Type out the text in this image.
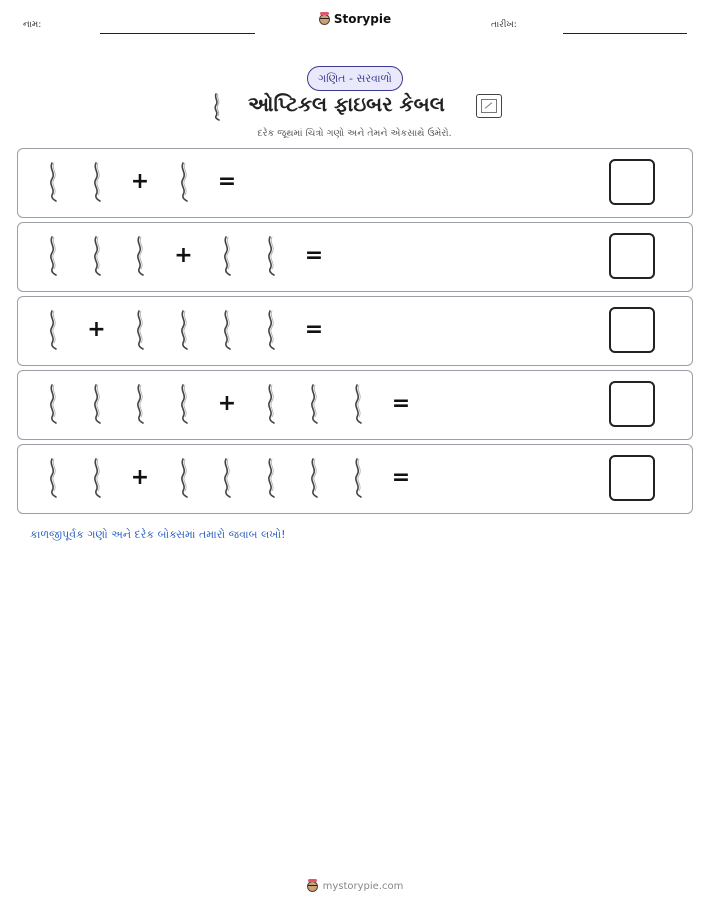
નામ:	Storypie	તારીખ:
ગણિત - સરવાળો
ઓપ્ટિકલ ફાઇબર કેબલ
દરેક જૂથમાં ચિત્રો ગણો અને તેમને એકસાથે ઉમેરો.
+	=
+	=
+	=
+	=
+	=
કાળજીપૂર્વક ગણો અને દરેક બોક્સમાં તમારો જવાબ લખો!
mystorypie.com
